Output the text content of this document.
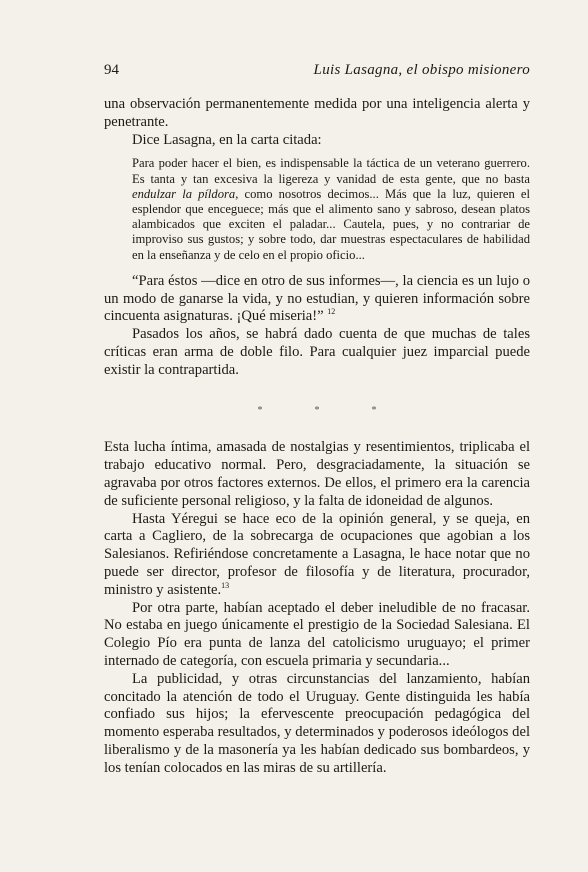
94	Luis Lasagna, el obispo misionero

una observación permanentemente medida por una inteligencia alerta y penetrante.

Dice Lasagna, en la carta citada:

Para poder hacer el bien, es indispensable la táctica de un veterano guerrero. Es tanta y tan excesiva la ligereza y vanidad de esta gente, que no basta endulzar la píldora, como nosotros decimos... Más que la luz, quieren el esplendor que enceguece; más que el alimento sano y sabroso, desean platos alambicados que exciten el paladar... Cautela, pues, y no contrariar de improviso sus gustos; y sobre todo, dar muestras espectaculares de habilidad en la enseñanza y de celo en el propio oficio...

“Para éstos —dice en otro de sus informes—, la ciencia es un lujo o un modo de ganarse la vida, y no estudian, y quieren información sobre cincuenta asignaturas. ¡Qué miseria!” $^{12}$

Pasados los años, se habrá dado cuenta de que muchas de tales críticas eran arma de doble filo. Para cualquier juez imparcial puede existir la contrapartida.

*	*	*

Esta lucha íntima, amasada de nostalgias y resentimientos, triplicaba el trabajo educativo normal. Pero, desgraciadamente, la situación se agravaba por otros factores externos. De ellos, el primero era la carencia de suficiente personal religioso, y la falta de idoneidad de algunos.

Hasta Yéregui se hace eco de la opinión general, y se queja, en carta a Cagliero, de la sobrecarga de ocupaciones que agobian a los Salesianos. Refiriéndose concretamente a Lasagna, le hace notar que no puede ser director, profesor de filosofía y de literatura, procurador, ministro y asistente.$^{13}$

Por otra parte, habían aceptado el deber ineludible de no fracasar. No estaba en juego únicamente el prestigio de la Sociedad Salesiana. El Colegio Pío era punta de lanza del catolicismo uruguayo; el primer internado de categoría, con escuela primaria y secundaria...

La publicidad, y otras circunstancias del lanzamiento, habían concitado la atención de todo el Uruguay. Gente distinguida les había confiado sus hijos; la efervescente preocupación pedagógica del momento esperaba resultados, y determinados y poderosos ideólogos del liberalismo y de la masonería ya les habían dedicado sus bombardeos, y los tenían colocados en las miras de su artillería.
